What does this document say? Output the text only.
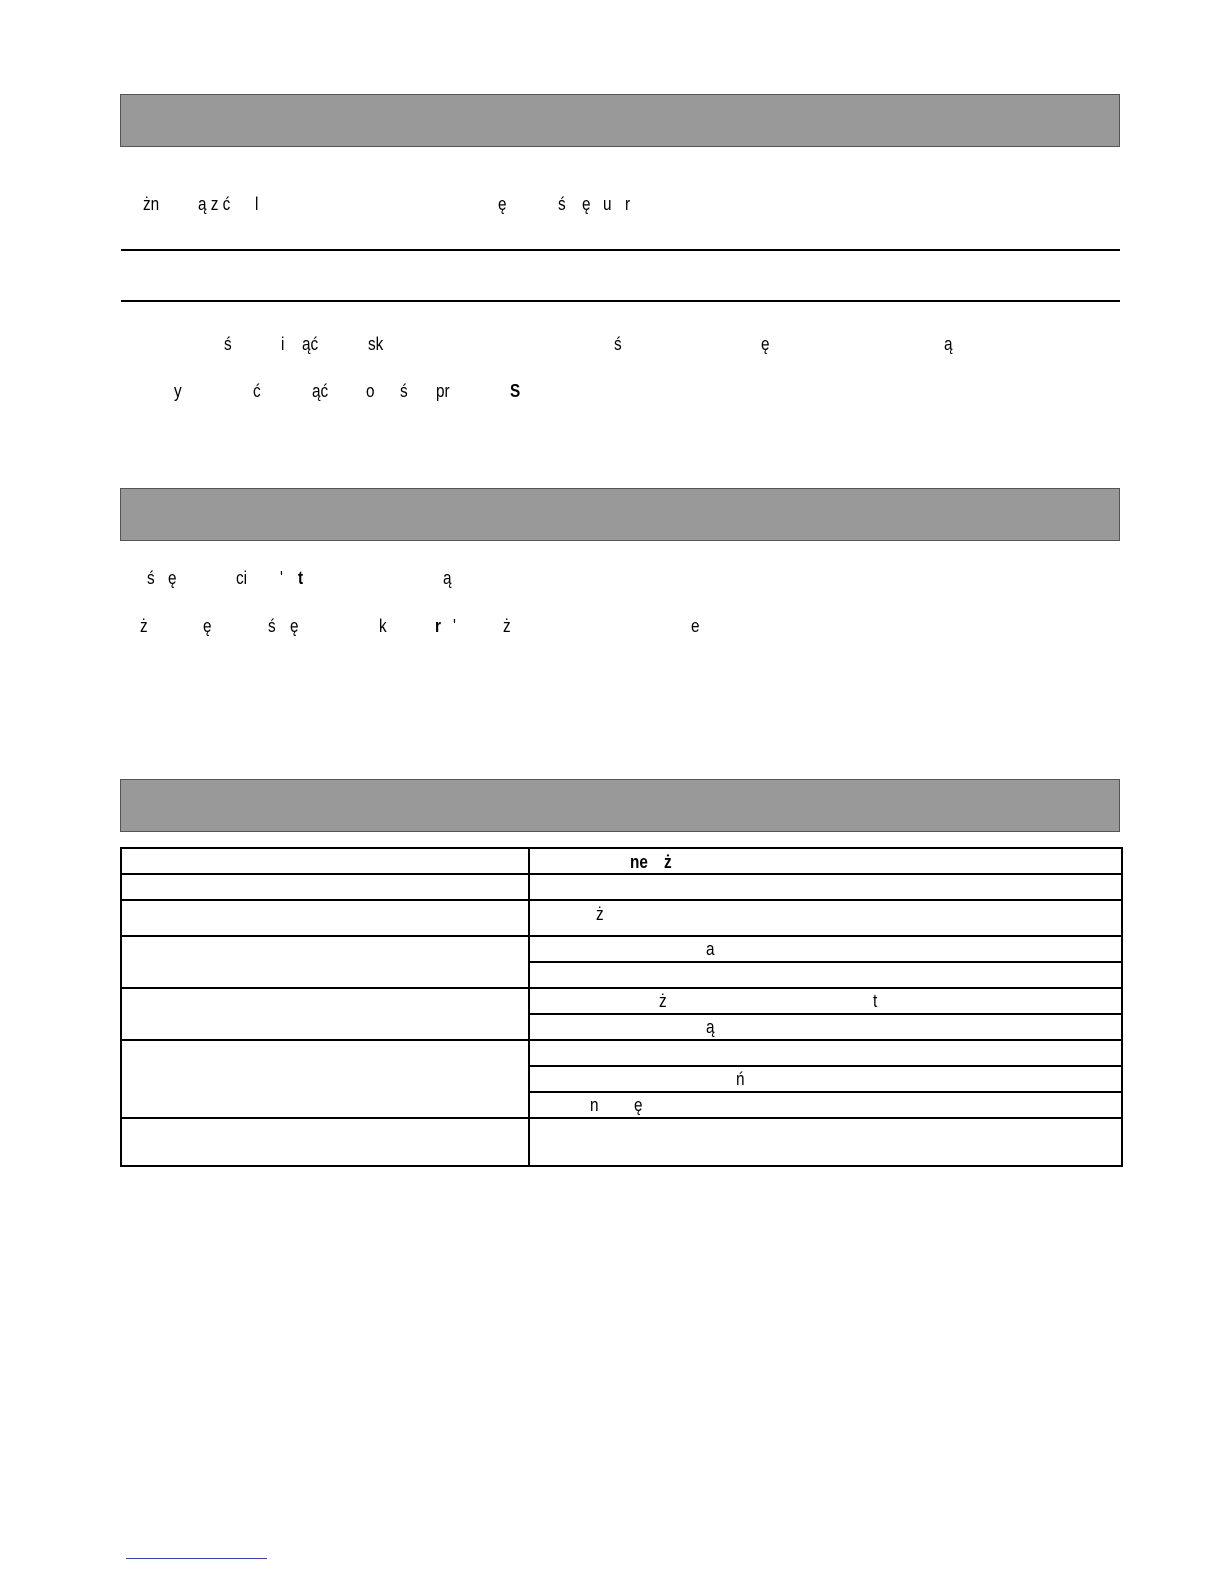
żn ą z ć l	ę	ś ę u r
ś	i ąć	sk	ś	ę	ą
y	ć	ąć o ś pr	S
ś ę	ci ' t	ą
ż	ę	ś ę	k	r '	ż	e

	ne ż

	ż

	a

	ż t

	ą

	ń

	n ę
